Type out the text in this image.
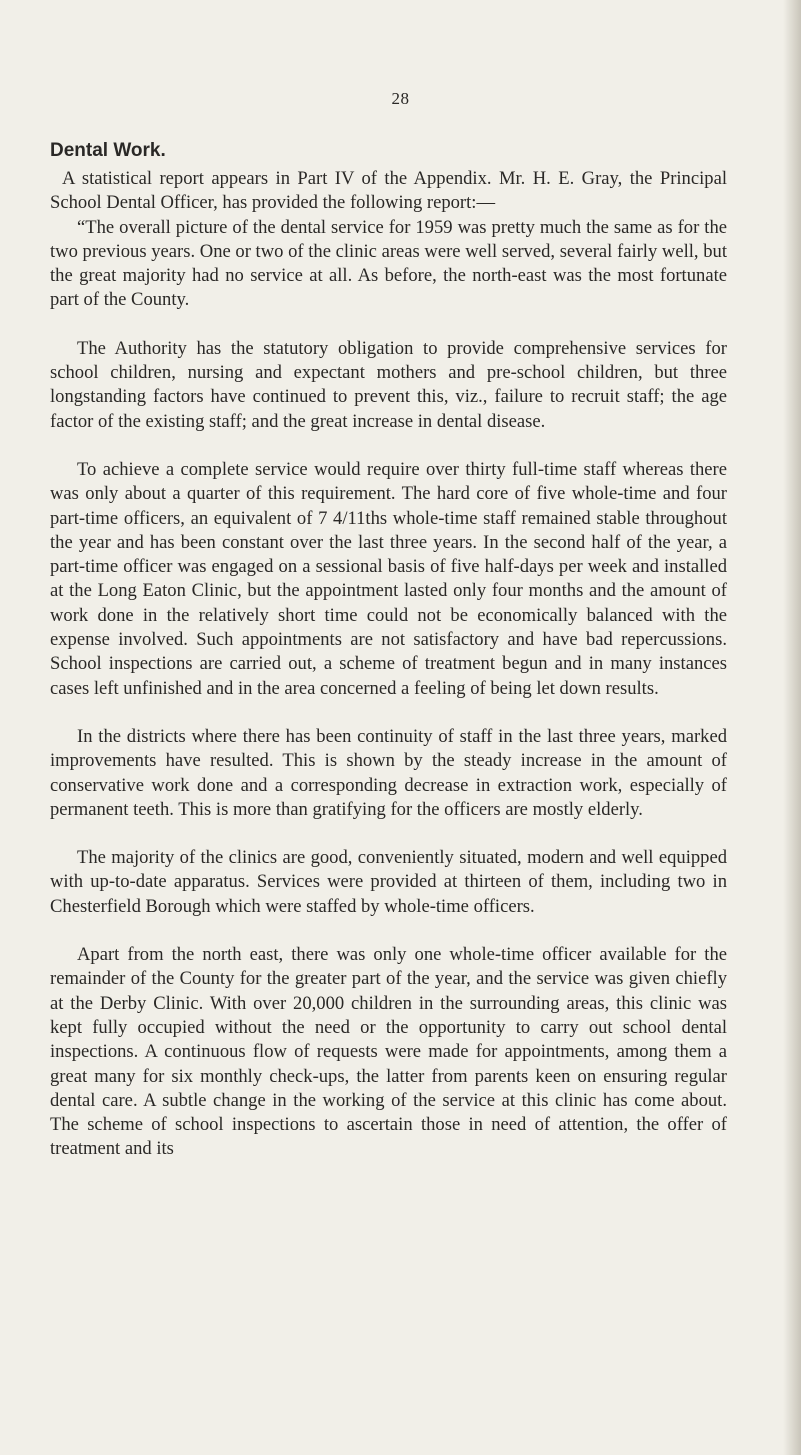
28
Dental Work.

A statistical report appears in Part IV of the Appendix. Mr. H. E. Gray, the Principal School Dental Officer, has provided the following report:—

“The overall picture of the dental service for 1959 was pretty much the same as for the two previous years. One or two of the clinic areas were well served, several fairly well, but the great majority had no service at all. As before, the north-east was the most fortunate part of the County.

The Authority has the statutory obligation to provide comprehensive services for school children, nursing and expectant mothers and pre-school children, but three longstanding factors have continued to prevent this, viz., failure to recruit staff; the age factor of the existing staff; and the great increase in dental disease.

To achieve a complete service would require over thirty full-time staff whereas there was only about a quarter of this requirement. The hard core of five whole-time and four part-time officers, an equivalent of 7 4/11ths whole-time staff remained stable throughout the year and has been constant over the last three years. In the second half of the year, a part-time officer was engaged on a sessional basis of five half-days per week and installed at the Long Eaton Clinic, but the appointment lasted only four months and the amount of work done in the relatively short time could not be economically balanced with the expense involved. Such appointments are not satisfactory and have bad repercussions. School inspections are carried out, a scheme of treatment begun and in many instances cases left unfinished and in the area concerned a feeling of being let down results.

In the districts where there has been continuity of staff in the last three years, marked improvements have resulted. This is shown by the steady increase in the amount of conservative work done and a corresponding decrease in extraction work, especially of permanent teeth. This is more than gratifying for the officers are mostly elderly.

The majority of the clinics are good, conveniently situated, modern and well equipped with up-to-date apparatus. Services were provided at thirteen of them, including two in Chesterfield Borough which were staffed by whole-time officers.

Apart from the north east, there was only one whole-time officer available for the remainder of the County for the greater part of the year, and the service was given chiefly at the Derby Clinic. With over 20,000 children in the surrounding areas, this clinic was kept fully occupied without the need or the opportunity to carry out school dental inspections. A continuous flow of requests were made for appointments, among them a great many for six monthly check-ups, the latter from parents keen on ensuring regular dental care. A subtle change in the working of the service at this clinic has come about. The scheme of school inspections to ascertain those in need of attention, the offer of treatment and its
